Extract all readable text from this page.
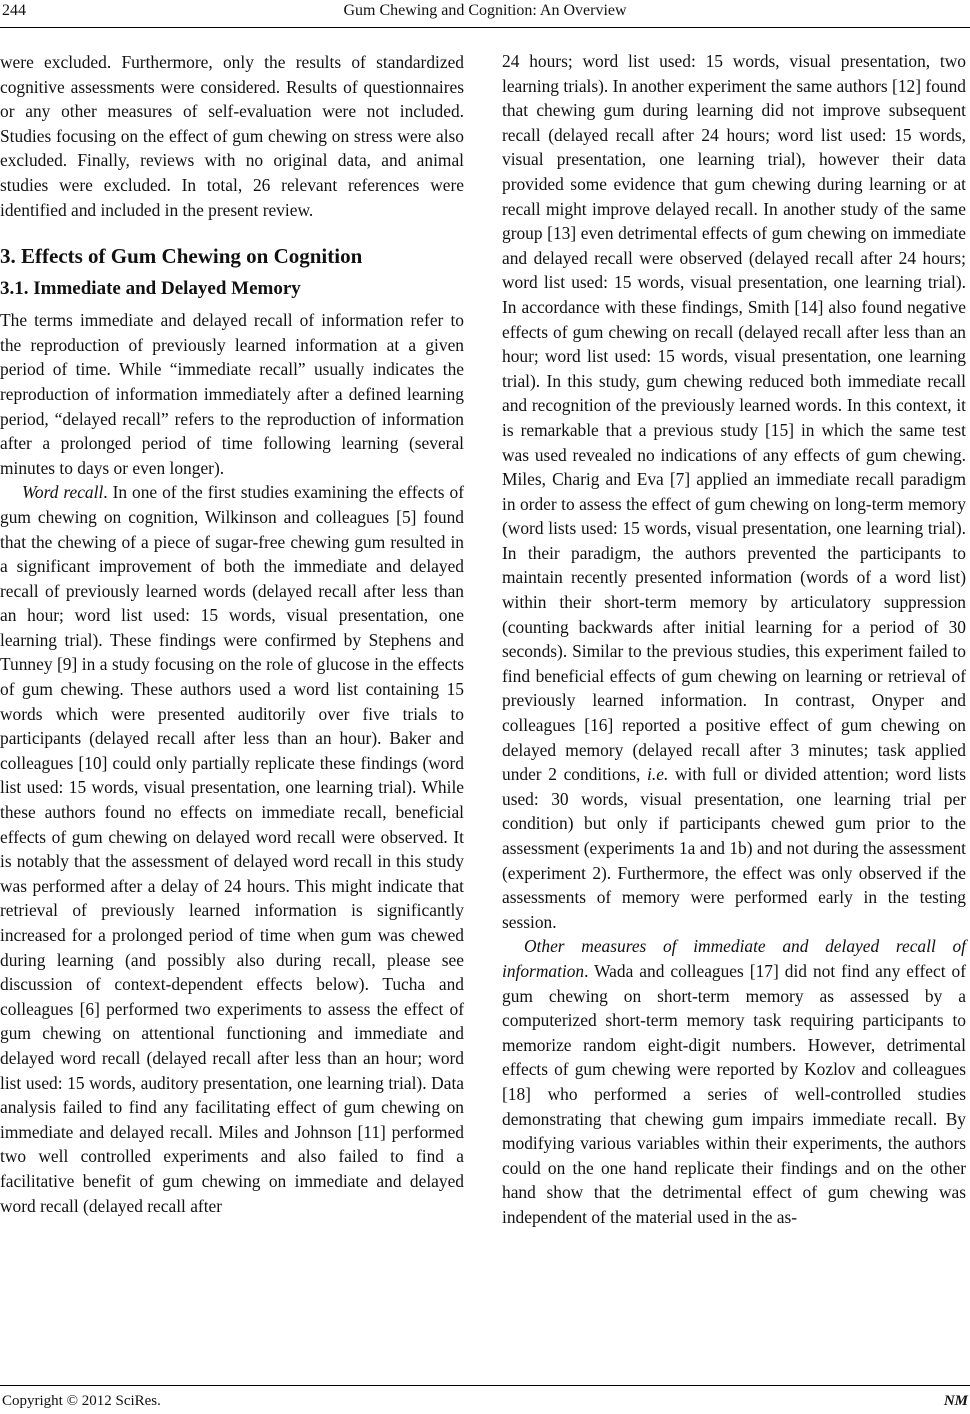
244	Gum Chewing and Cognition: An Overview

were excluded. Furthermore, only the results of standardized cognitive assessments were considered. Results of questionnaires or any other measures of self-evaluation were not included. Studies focusing on the effect of gum chewing on stress were also excluded. Finally, reviews with no original data, and animal studies were excluded. In total, 26 relevant references were identified and included in the present review.

3. Effects of Gum Chewing on Cognition
3.1. Immediate and Delayed Memory

The terms immediate and delayed recall of information refer to the reproduction of previously learned information at a given period of time. While “immediate recall” usually indicates the reproduction of information immediately after a defined learning period, “delayed recall” refers to the reproduction of information after a prolonged period of time following learning (several minutes to days or even longer).

Word recall. In one of the first studies examining the effects of gum chewing on cognition, Wilkinson and colleagues [5] found that the chewing of a piece of sugar-free chewing gum resulted in a significant improvement of both the immediate and delayed recall of previously learned words (delayed recall after less than an hour; word list used: 15 words, visual presentation, one learning trial). These findings were confirmed by Stephens and Tunney [9] in a study focusing on the role of glucose in the effects of gum chewing. These authors used a word list containing 15 words which were presented auditorily over five trials to participants (delayed recall after less than an hour). Baker and colleagues [10] could only partially replicate these findings (word list used: 15 words, visual presentation, one learning trial). While these authors found no effects on immediate recall, beneficial effects of gum chewing on delayed word recall were observed. It is notably that the assessment of delayed word recall in this study was performed after a delay of 24 hours. This might indicate that retrieval of previously learned information is significantly increased for a prolonged period of time when gum was chewed during learning (and possibly also during recall, please see discussion of context-dependent effects below). Tucha and colleagues [6] performed two experiments to assess the effect of gum chewing on attentional functioning and immediate and delayed word recall (delayed recall after less than an hour; word list used: 15 words, auditory presentation, one learning trial). Data analysis failed to find any facilitating effect of gum chewing on immediate and delayed recall. Miles and Johnson [11] performed two well controlled experiments and also failed to find a facilitative benefit of gum chewing on immediate and delayed word recall (delayed recall after

24 hours; word list used: 15 words, visual presentation, two learning trials). In another experiment the same authors [12] found that chewing gum during learning did not improve subsequent recall (delayed recall after 24 hours; word list used: 15 words, visual presentation, one learning trial), however their data provided some evidence that gum chewing during learning or at recall might improve delayed recall. In another study of the same group [13] even detrimental effects of gum chewing on immediate and delayed recall were observed (delayed recall after 24 hours; word list used: 15 words, visual presentation, one learning trial). In accordance with these findings, Smith [14] also found negative effects of gum chewing on recall (delayed recall after less than an hour; word list used: 15 words, visual presentation, one learning trial). In this study, gum chewing reduced both immediate recall and recognition of the previously learned words. In this context, it is remarkable that a previous study [15] in which the same test was used revealed no indications of any effects of gum chewing. Miles, Charig and Eva [7] applied an immediate recall paradigm in order to assess the effect of gum chewing on long-term memory (word lists used: 15 words, visual presentation, one learning trial). In their paradigm, the authors prevented the participants to maintain recently presented information (words of a word list) within their short-term memory by articulatory suppression (counting backwards after initial learning for a period of 30 seconds). Similar to the previous studies, this experiment failed to find beneficial effects of gum chewing on learning or retrieval of previously learned information. In contrast, Onyper and colleagues [16] reported a positive effect of gum chewing on delayed memory (delayed recall after 3 minutes; task applied under 2 conditions, i.e. with full or divided attention; word lists used: 30 words, visual presentation, one learning trial per condition) but only if participants chewed gum prior to the assessment (experiments 1a and 1b) and not during the assessment (experiment 2). Furthermore, the effect was only observed if the assessments of memory were performed early in the testing session.

Other measures of immediate and delayed recall of information. Wada and colleagues [17] did not find any effect of gum chewing on short-term memory as assessed by a computerized short-term memory task requiring participants to memorize random eight-digit numbers. However, detrimental effects of gum chewing were reported by Kozlov and colleagues [18] who performed a series of well-controlled studies demonstrating that chewing gum impairs immediate recall. By modifying various variables within their experiments, the authors could on the one hand replicate their findings and on the other hand show that the detrimental effect of gum chewing was independent of the material used in the as-

Copyright © 2012 SciRes.	NM
